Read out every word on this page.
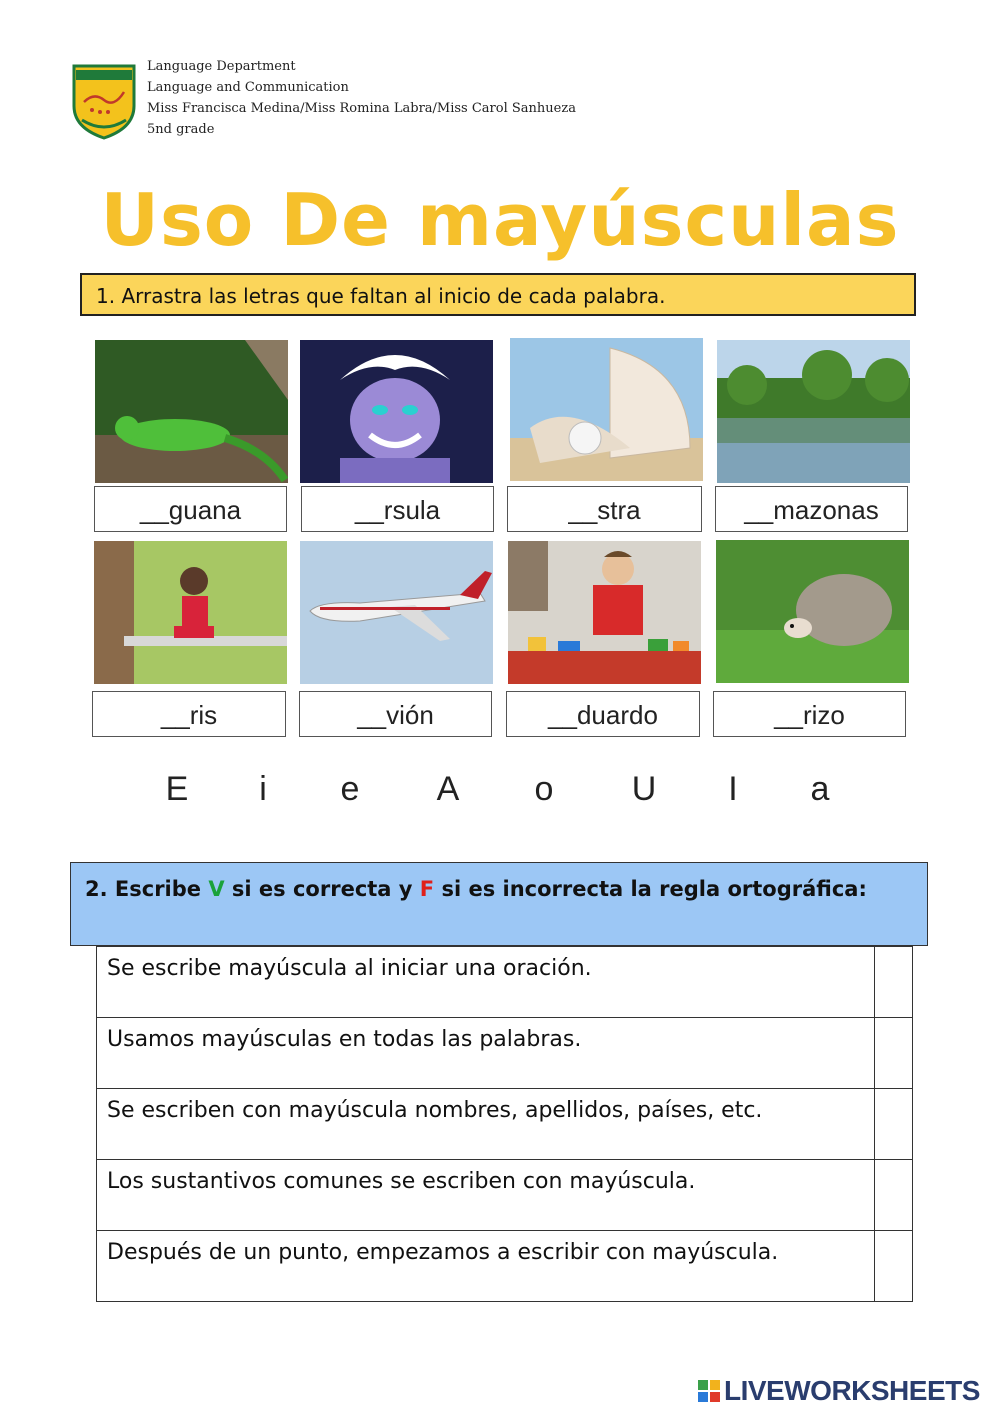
Language Department
Language and Communication
Miss Francisca Medina/Miss Romina Labra/Miss Carol Sanhueza
5nd grade
Uso De mayúsculas
1. Arrastra las letras que faltan al inicio de cada palabra.
__guana	__rsula	__stra	__mazonas
__ris	__vión	__duardo	__rizo
E	i	e	A	o	U	I	a
2. Escribe V si es correcta y F si es incorrecta la regla ortográfica:
Se escribe mayúscula al iniciar una oración.	
Usamos mayúsculas en todas las palabras.	
Se escriben con mayúscula nombres, apellidos, países, etc.	
Los sustantivos comunes se escriben con mayúscula.	
Después de un punto, empezamos a escribir con mayúscula.	
LIVEWORKSHEETS
